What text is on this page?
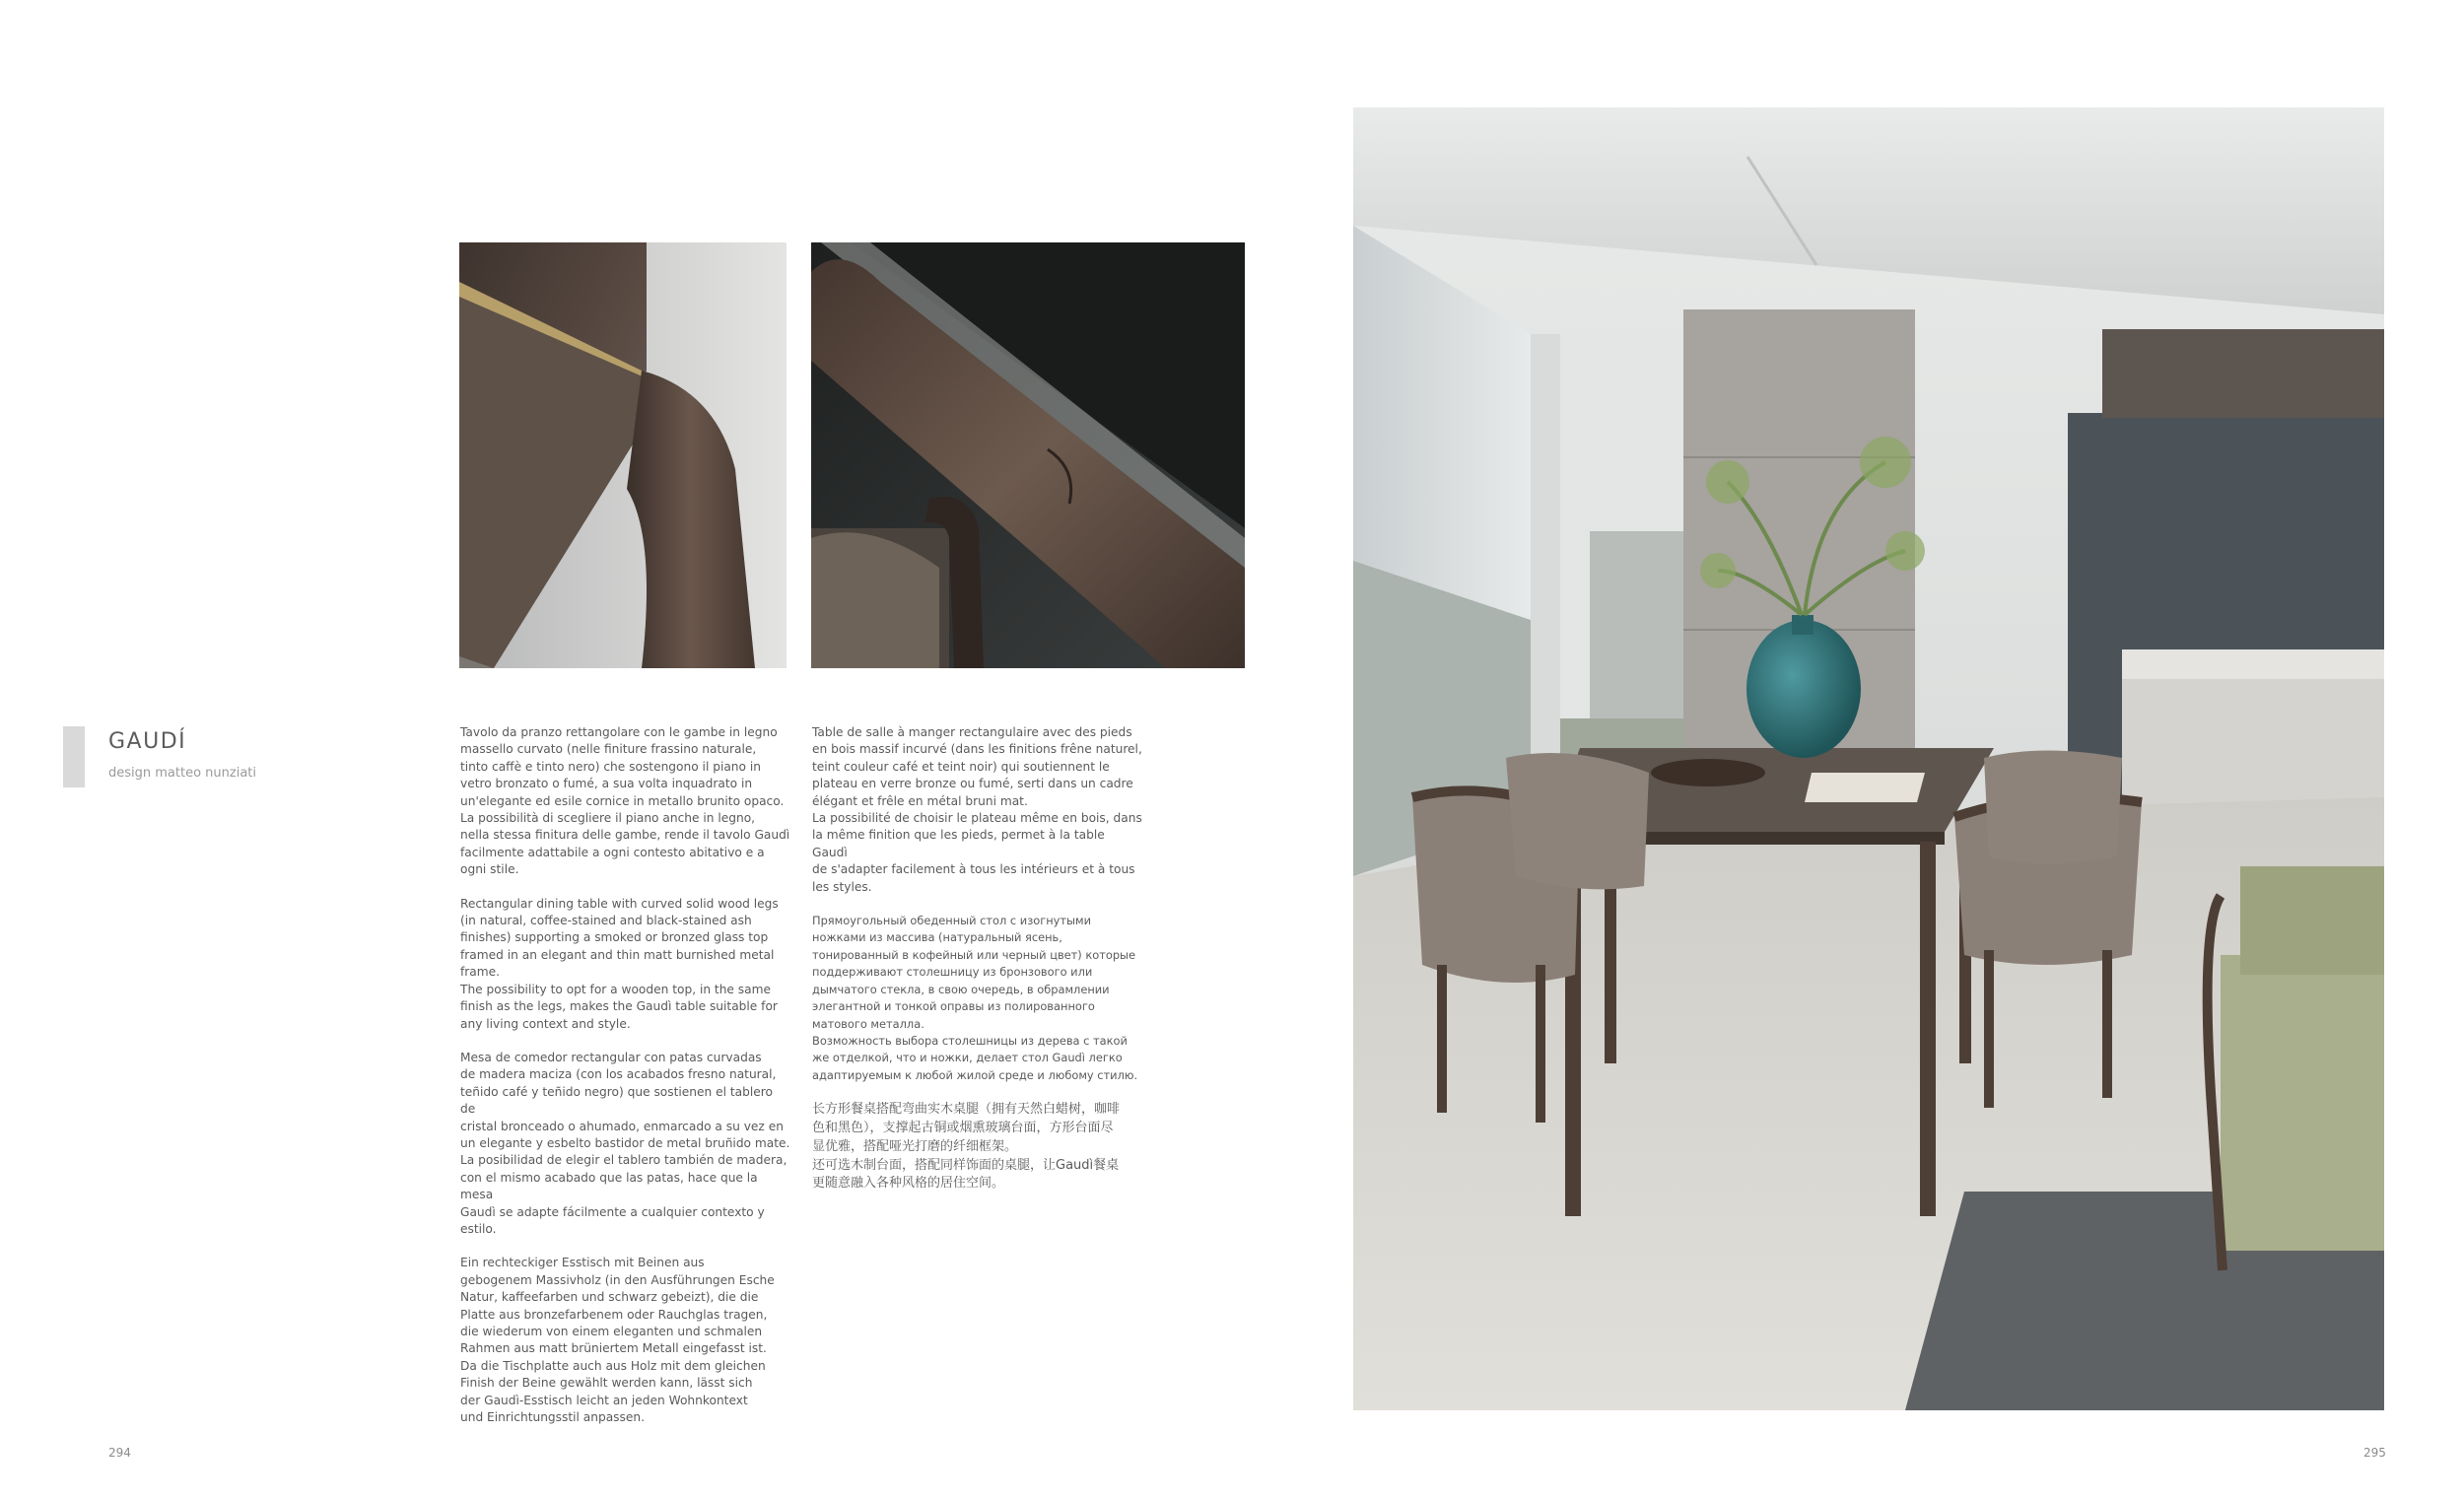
GAUDÍ
design matteo nunziati

Tavolo da pranzo rettangolare con le gambe in legno
massello curvato (nelle finiture frassino naturale,
tinto caffè e tinto nero) che sostengono il piano in
vetro bronzato o fumé, a sua volta inquadrato in
un'elegante ed esile cornice in metallo brunito opaco.
La possibilità di scegliere il piano anche in legno,
nella stessa finitura delle gambe, rende il tavolo Gaudì
facilmente adattabile a ogni contesto abitativo e a
ogni stile.

Rectangular dining table with curved solid wood legs
(in natural, coffee-stained and black-stained ash
finishes) supporting a smoked or bronzed glass top
framed in an elegant and thin matt burnished metal
frame.
The possibility to opt for a wooden top, in the same
finish as the legs, makes the Gaudì table suitable for
any living context and style.

Mesa de comedor rectangular con patas curvadas
de madera maciza (con los acabados fresno natural,
teñido café y teñido negro) que sostienen el tablero de
cristal bronceado o ahumado, enmarcado a su vez en
un elegante y esbelto bastidor de metal bruñido mate.
La posibilidad de elegir el tablero también de madera,
con el mismo acabado que las patas, hace que la mesa
Gaudì se adapte fácilmente a cualquier contexto y
estilo.

Ein rechteckiger Esstisch mit Beinen aus
gebogenem Massivholz (in den Ausführungen Esche
Natur, kaffeefarben und schwarz gebeizt), die die
Platte aus bronzefarbenem oder Rauchglas tragen,
die wiederum von einem eleganten und schmalen
Rahmen aus matt brüniertem Metall eingefasst ist.
Da die Tischplatte auch aus Holz mit dem gleichen
Finish der Beine gewählt werden kann, lässt sich
der Gaudì-Esstisch leicht an jeden Wohnkontext
und Einrichtungsstil anpassen.

Table de salle à manger rectangulaire avec des pieds
en bois massif incurvé (dans les finitions frêne naturel,
teint couleur café et teint noir) qui soutiennent le
plateau en verre bronze ou fumé, serti dans un cadre
élégant et frêle en métal bruni mat.
La possibilité de choisir le plateau même en bois, dans
la même finition que les pieds, permet à la table Gaudì
de s'adapter facilement à tous les intérieurs et à tous
les styles.

Прямоугольный обеденный стол с изогнутыми
ножками из массива (натуральный ясень,
тонированный в кофейный или черный цвет) которые
поддерживают столешницу из бронзового или
дымчатого стекла, в свою очередь, в обрамлении
элегантной и тонкой оправы из полированного
матового металла.
Возможность выбора столешницы из дерева с такой
же отделкой, что и ножки, делает стол Gaudì легко
адаптируемым к любой жилой среде и любому стилю.

长方形餐桌搭配弯曲实木桌腿（拥有天然白蜡树，咖啡
色和黑色），支撑起古铜或烟熏玻璃台面，方形台面尽
显优雅，搭配哑光打磨的纤细框架。
还可选木制台面，搭配同样饰面的桌腿，让Gaudì餐桌
更随意融入各种风格的居住空间。

294	295
